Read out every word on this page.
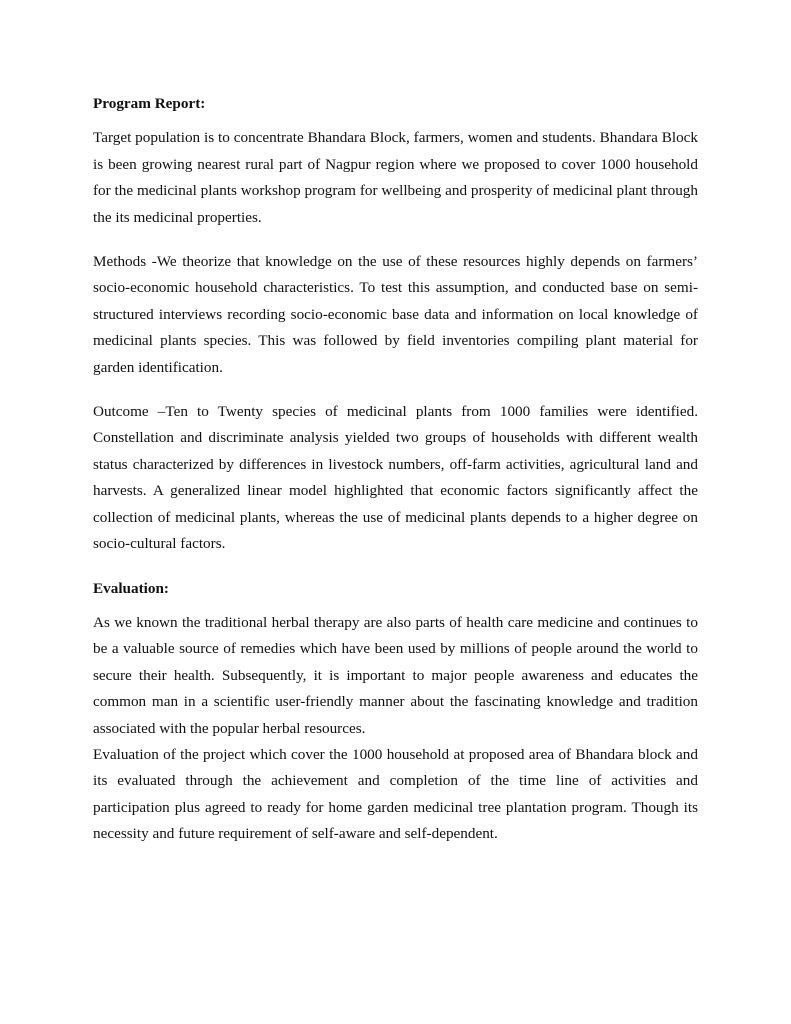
Program Report:

Target population is to concentrate Bhandara Block, farmers, women and students. Bhandara Block is been growing nearest rural part of Nagpur region where we proposed to cover 1000 household for the medicinal plants workshop program for wellbeing and prosperity of medicinal plant through the its medicinal properties.

Methods -We theorize that knowledge on the use of these resources highly depends on farmers’ socio-economic household characteristics. To test this assumption, and conducted base on semi-structured interviews recording socio-economic base data and information on local knowledge of medicinal plants species. This was followed by field inventories compiling plant material for garden identification.

Outcome –Ten to Twenty species of medicinal plants from 1000 families were identified. Constellation and discriminate analysis yielded two groups of households with different wealth status characterized by differences in livestock numbers, off-farm activities, agricultural land and harvests. A generalized linear model highlighted that economic factors significantly affect the collection of medicinal plants, whereas the use of medicinal plants depends to a higher degree on socio-cultural factors.

Evaluation:

As we known the traditional herbal therapy are also parts of health care medicine and continues to be a valuable source of remedies which have been used by millions of people around the world to secure their health. Subsequently, it is important to major people awareness and educates the common man in a scientific user-friendly manner about the fascinating knowledge and tradition associated with the popular herbal resources.

Evaluation of the project which cover the 1000 household at proposed area of Bhandara block and its evaluated through the achievement and completion of the time line of activities and participation plus agreed to ready for home garden medicinal tree plantation program. Though its necessity and future requirement of self-aware and self-dependent.
